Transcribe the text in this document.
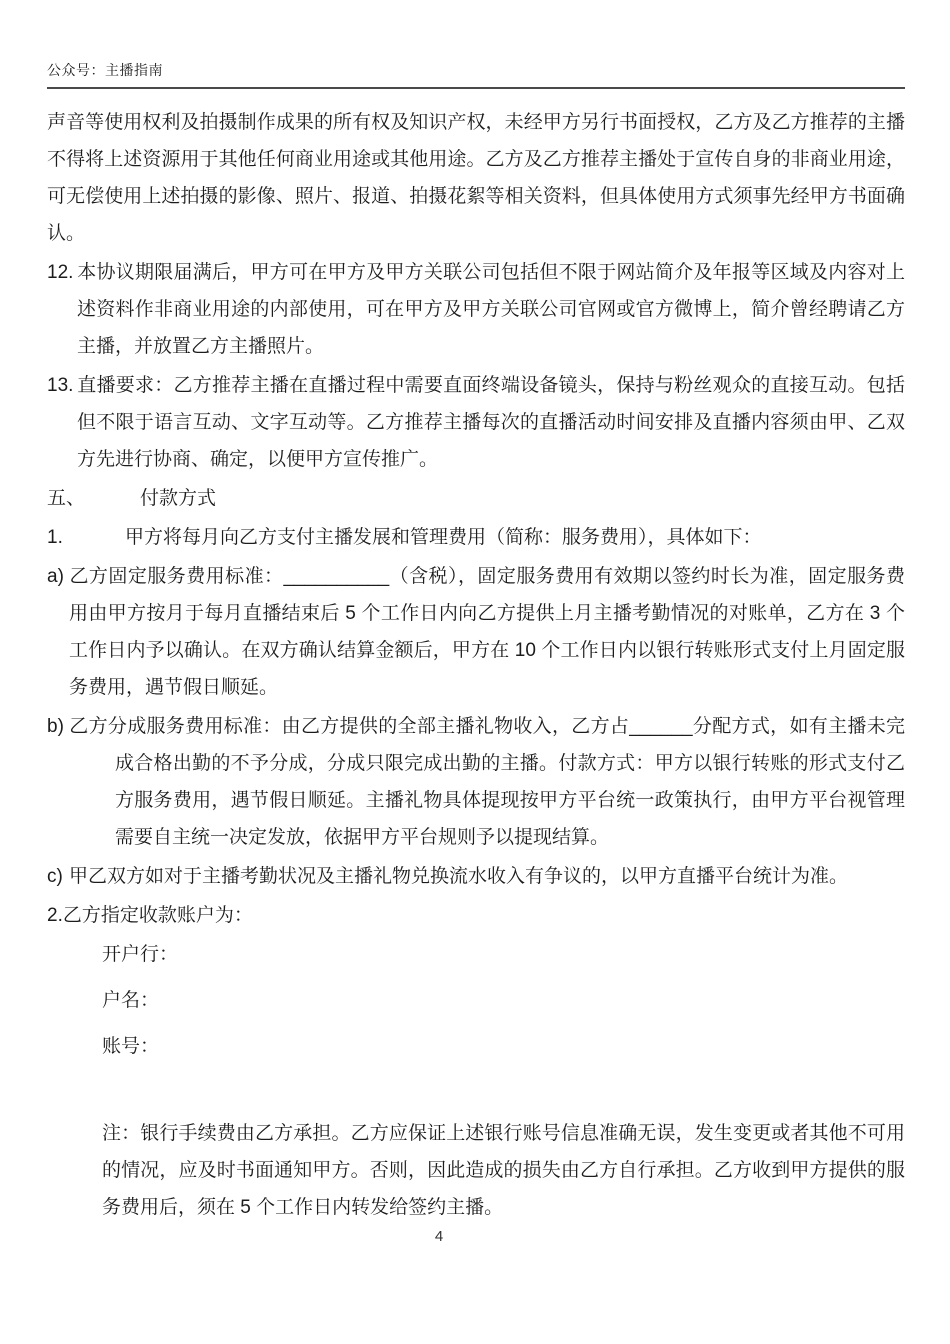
公众号：主播指南

声音等使用权利及拍摄制作成果的所有权及知识产权，未经甲方另行书面授权，乙方及乙方推荐的主播不得将上述资源用于其他任何商业用途或其他用途。乙方及乙方推荐主播处于宣传自身的非商业用途，可无偿使用上述拍摄的影像、照片、报道、拍摄花絮等相关资料，但具体使用方式须事先经甲方书面确认。

12. 本协议期限届满后，甲方可在甲方及甲方关联公司包括但不限于网站简介及年报等区域及内容对上述资料作非商业用途的内部使用，可在甲方及甲方关联公司官网或官方微博上，简介曾经聘请乙方主播，并放置乙方主播照片。

13. 直播要求：乙方推荐主播在直播过程中需要直面终端设备镜头，保持与粉丝观众的直接互动。包括但不限于语言互动、文字互动等。乙方推荐主播每次的直播活动时间安排及直播内容须由甲、乙双方先进行协商、确定，以便甲方宣传推广。

五、	付款方式

1.	甲方将每月向乙方支付主播发展和管理费用（简称：服务费用），具体如下：

a) 乙方固定服务费用标准：__________（含税），固定服务费用有效期以签约时长为准，固定服务费用由甲方按月于每月直播结束后 5 个工作日内向乙方提供上月主播考勤情况的对账单，乙方在 3 个工作日内予以确认。在双方确认结算金额后，甲方在 10 个工作日内以银行转账形式支付上月固定服务费用，遇节假日顺延。

b) 乙方分成服务费用标准：由乙方提供的全部主播礼物收入，乙方占______分配方式，如有主播未完成合格出勤的不予分成，分成只限完成出勤的主播。付款方式：甲方以银行转账的形式支付乙方服务费用，遇节假日顺延。主播礼物具体提现按甲方平台统一政策执行，由甲方平台视管理需要自主统一决定发放，依据甲方平台规则予以提现结算。

c) 甲乙双方如对于主播考勤状况及主播礼物兑换流水收入有争议的，以甲方直播平台统计为准。

2.乙方指定收款账户为：

开户行：

户名：

账号：

注：银行手续费由乙方承担。乙方应保证上述银行账号信息准确无误，发生变更或者其他不可用的情况，应及时书面通知甲方。否则，因此造成的损失由乙方自行承担。乙方收到甲方提供的服务费用后，须在 5 个工作日内转发给签约主播。

4
